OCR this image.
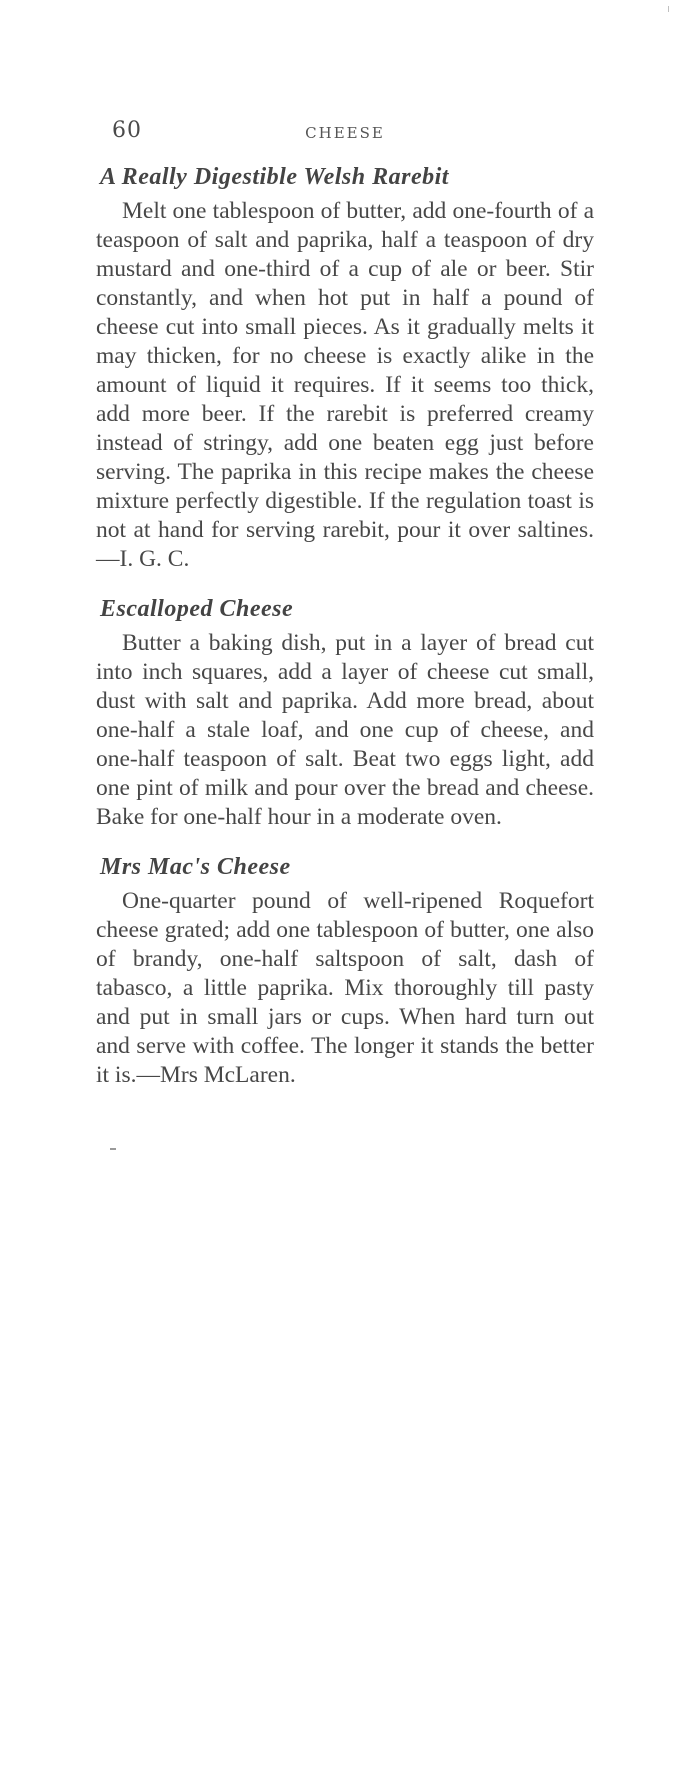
60	CHEESE
A Really Digestible Welsh Rarebit

Melt one tablespoon of butter, add one-fourth of a teaspoon of salt and paprika, half a teaspoon of dry mustard and one-third of a cup of ale or beer. Stir constantly, and when hot put in half a pound of cheese cut into small pieces. As it gradually melts it may thicken, for no cheese is exactly alike in the amount of liquid it requires. If it seems too thick, add more beer. If the rarebit is preferred creamy instead of stringy, add one beaten egg just before serving. The paprika in this recipe makes the cheese mixture perfectly digestible. If the regulation toast is not at hand for serving rarebit, pour it over saltines.—I. G. C.

Escalloped Cheese

Butter a baking dish, put in a layer of bread cut into inch squares, add a layer of cheese cut small, dust with salt and paprika. Add more bread, about one-half a stale loaf, and one cup of cheese, and one-half teaspoon of salt. Beat two eggs light, add one pint of milk and pour over the bread and cheese. Bake for one-half hour in a moderate oven.

Mrs Mac's Cheese

One-quarter pound of well-ripened Roquefort cheese grated; add one tablespoon of butter, one also of brandy, one-half saltspoon of salt, dash of tabasco, a little paprika. Mix thoroughly till pasty and put in small jars or cups. When hard turn out and serve with coffee. The longer it stands the better it is.—Mrs McLaren.
